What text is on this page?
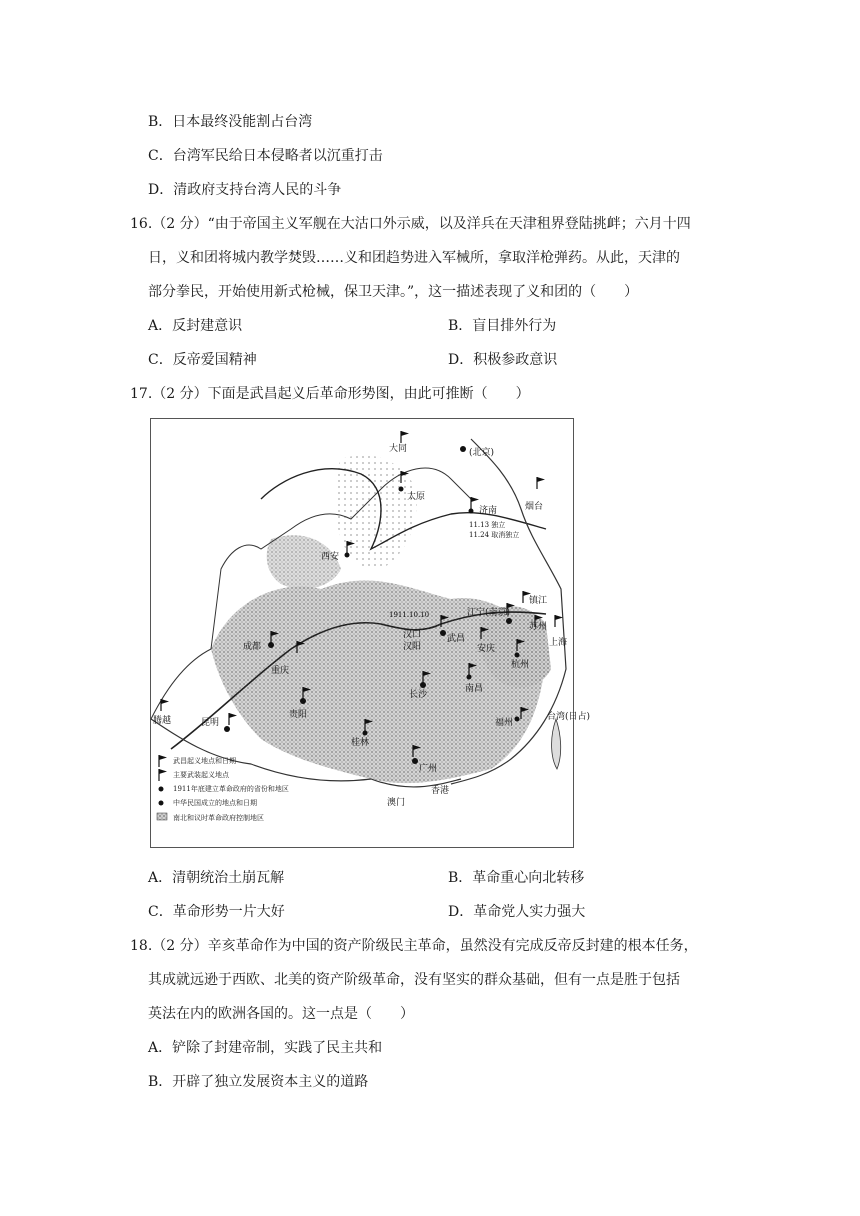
B．日本最终没能割占台湾
C．台湾军民给日本侵略者以沉重打击
D．清政府支持台湾人民的斗争
16.（2 分）“由于帝国主义军舰在大沽口外示威，以及洋兵在天津租界登陆挑衅；六月十四
日，义和团将城内教学焚毁……义和团趋势进入军械所，拿取洋枪弹药。从此，天津的
部分拳民，开始使用新式枪械，保卫天津。”，这一描述表现了义和团的（　　）
A．反封建意识	B．盲目排外行为
C．反帝爱国精神	D．积极参政意识
17.（2 分）下面是武昌起义后革命形势图，由此可推断（　　）
大同	(北京)
太原
济南
11.13 独立
11.24 取消独立
烟台
西安
成都
重庆
1911.10.10
汉口
汉阳
武昌
江宁(南京)
镇江
苏州
上海
安庆
杭州
长沙
南昌
福州
贵阳
昆明
腾越
桂林
广州
香港
澳门
台湾(日占)
武昌起义地点和日期
主要武装起义地点
1911年底建立革命政府的省份和地区
中华民国成立的地点和日期
南北和议时革命政府控制地区
A．清朝统治土崩瓦解	B．革命重心向北转移
C．革命形势一片大好	D．革命党人实力强大
18.（2 分）辛亥革命作为中国的资产阶级民主革命，虽然没有完成反帝反封建的根本任务，
其成就远逊于西欧、北美的资产阶级革命，没有坚实的群众基础，但有一点是胜于包括
英法在内的欧洲各国的。这一点是（　　）
A．铲除了封建帝制，实践了民主共和
B．开辟了独立发展资本主义的道路
